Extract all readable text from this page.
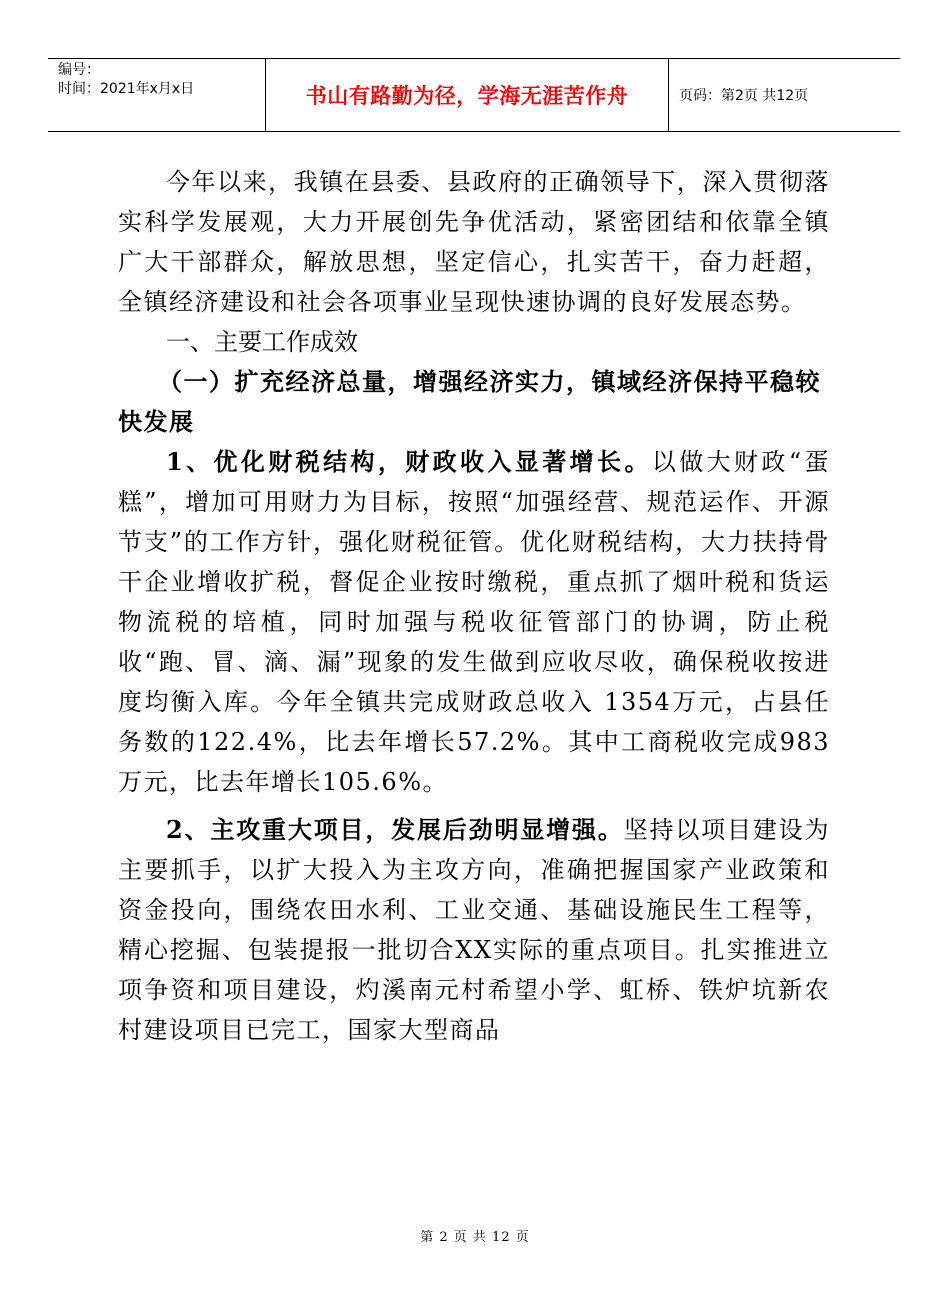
编号：
时间：2021年x月x日	书山有路勤为径，学海无涯苦作舟	页码：第2页 共12页

今年以来，我镇在县委、县政府的正确领导下，深入贯彻落实科学发展观，大力开展创先争优活动，紧密团结和依靠全镇广大干部群众，解放思想，坚定信心，扎实苦干，奋力赶超，全镇经济建设和社会各项事业呈现快速协调的良好发展态势。

一、主要工作成效

（一）扩充经济总量，增强经济实力，镇域经济保持平稳较快发展

1、优化财税结构，财政收入显著增长。以做大财政“蛋糕”，增加可用财力为目标，按照“加强经营、规范运作、开源节支”的工作方针，强化财税征管。优化财税结构，大力扶持骨干企业增收扩税，督促企业按时缴税，重点抓了烟叶税和货运物流税的培植，同时加强与税收征管部门的协调，防止税收“跑、冒、滴、漏”现象的发生做到应收尽收，确保税收按进度均衡入库。今年全镇共完成财政总收入 1354万元，占县任务数的122.4%，比去年增长57.2%。其中工商税收完成983万元，比去年增长105.6%。

2、主攻重大项目，发展后劲明显增强。坚持以项目建设为主要抓手，以扩大投入为主攻方向，准确把握国家产业政策和资金投向，围绕农田水利、工业交通、基础设施民生工程等，精心挖掘、包装提报一批切合XX实际的重点项目。扎实推进立项争资和项目建设，灼溪南元村希望小学、虹桥、铁炉坑新农村建设项目已完工，国家大型商品

第 2 页 共 12 页
